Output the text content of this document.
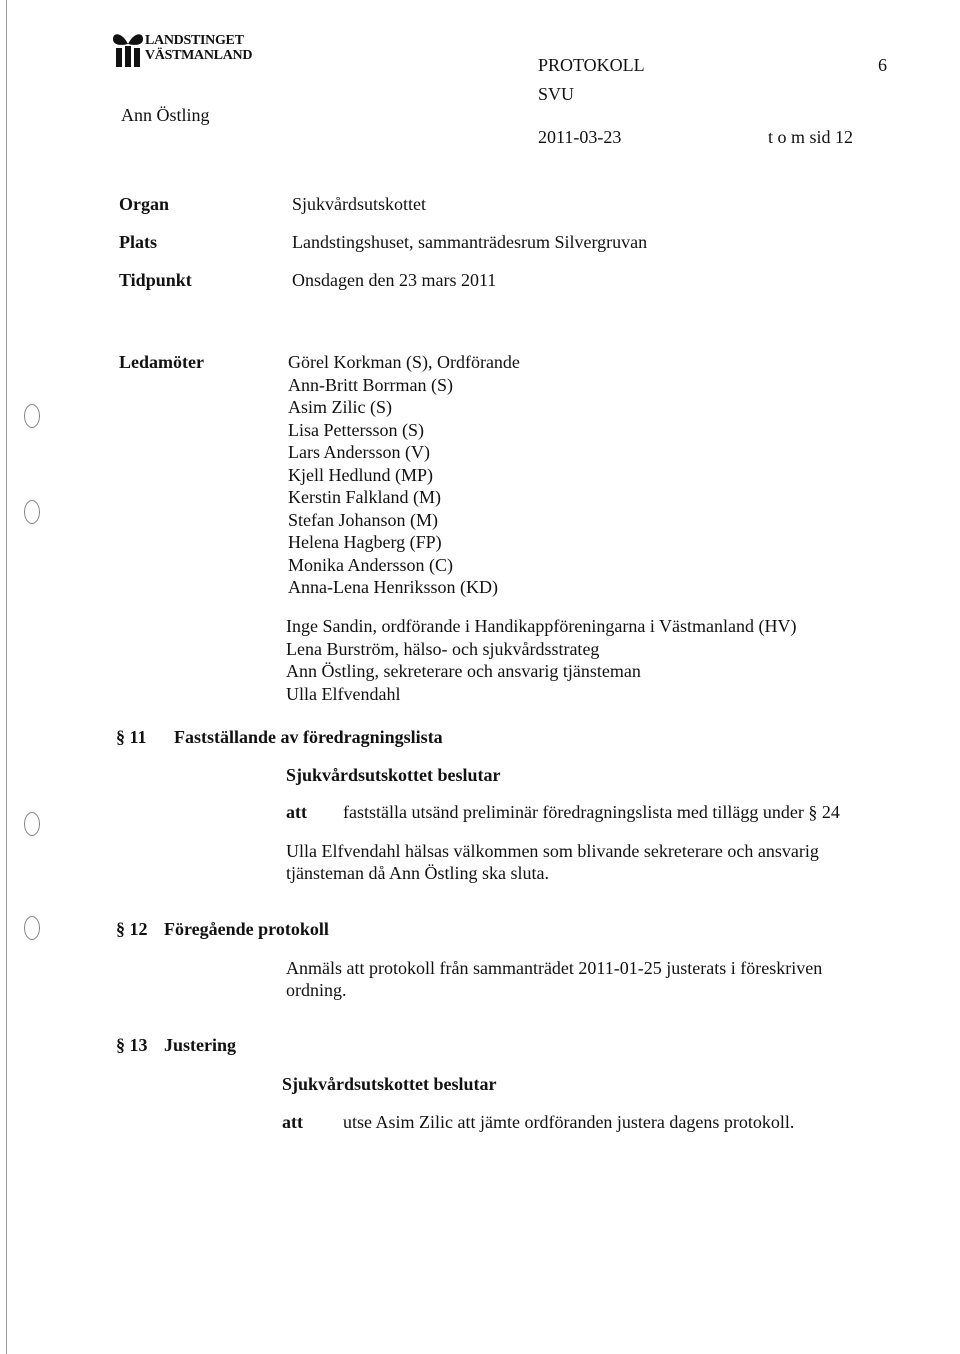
LANDSTINGET
VÄSTMANLAND	PROTOKOLL	6
SVU
Ann Östling
2011-03-23	t o m sid 12
Organ	Sjukvårdsutskottet
Plats	Landstingshuset, sammanträdesrum Silvergruvan
Tidpunkt	Onsdagen den 23 mars 2011
Ledamöter	Görel Korkman (S), Ordförande
Ann-Britt Borrman (S)
Asim Zilic (S)
Lisa Pettersson (S)
Lars Andersson (V)
Kjell Hedlund (MP)
Kerstin Falkland (M)
Stefan Johanson (M)
Helena Hagberg (FP)
Monika Andersson (C)
Anna-Lena Henriksson (KD)
Inge Sandin, ordförande i Handikappföreningarna i Västmanland (HV)
Lena Burström, hälso- och sjukvårdsstrateg
Ann Östling, sekreterare och ansvarig tjänsteman
Ulla Elfvendahl
§ 11 Fastställande av föredragningslista
Sjukvårdsutskottet beslutar
att fastställa utsänd preliminär föredragningslista med tillägg under § 24
Ulla Elfvendahl hälsas välkommen som blivande sekreterare och ansvarig
tjänsteman då Ann Östling ska sluta.
§ 12 Föregående protokoll
Anmäls att protokoll från sammanträdet 2011-01-25 justerats i föreskriven
ordning.
§ 13 Justering
Sjukvårdsutskottet beslutar
att utse Asim Zilic att jämte ordföranden justera dagens protokoll.
